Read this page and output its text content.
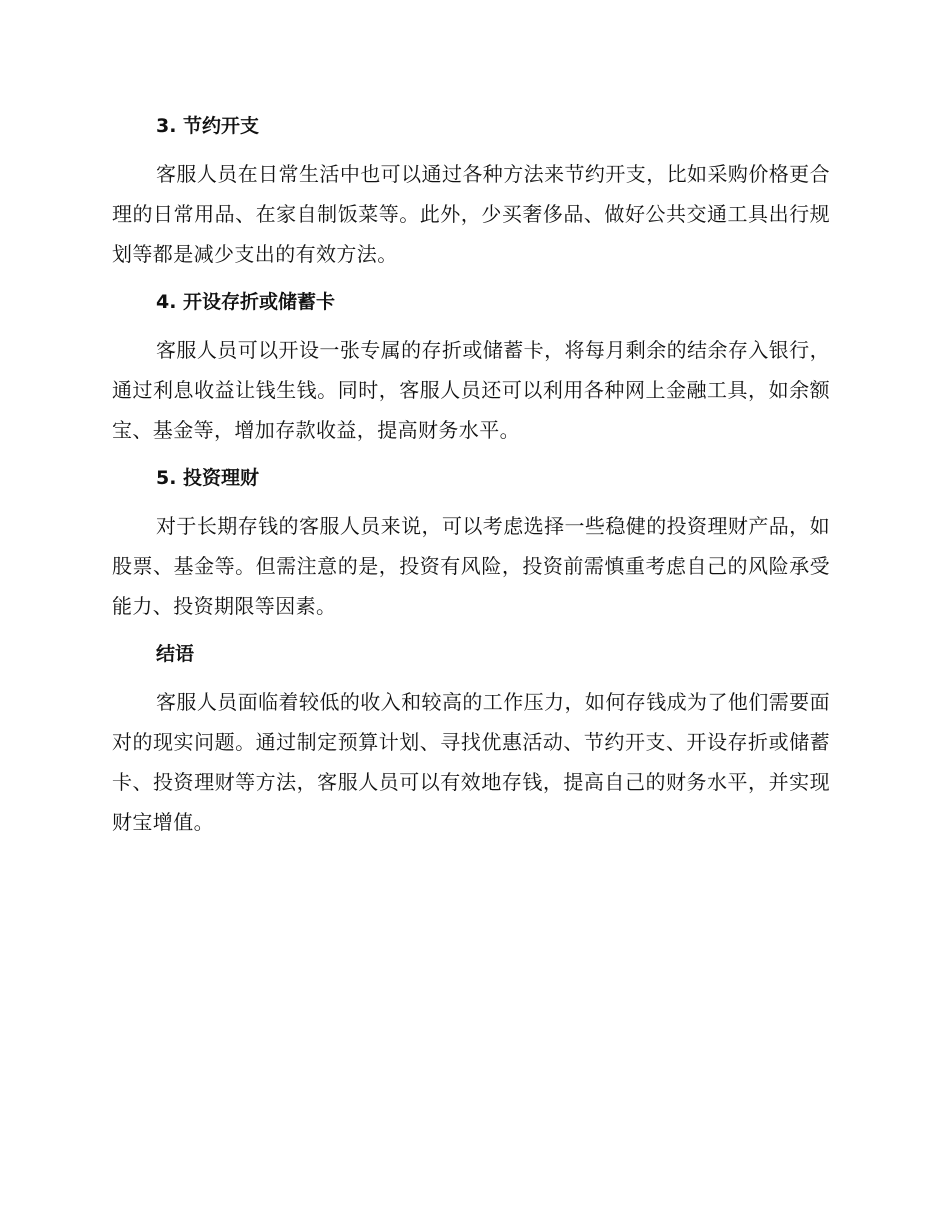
3. 节约开支

客服人员在日常生活中也可以通过各种方法来节约开支，比如采购价格更合理的日常用品、在家自制饭菜等。此外，少买奢侈品、做好公共交通工具出行规划等都是减少支出的有效方法。

4. 开设存折或储蓄卡

客服人员可以开设一张专属的存折或储蓄卡，将每月剩余的结余存入银行，通过利息收益让钱生钱。同时，客服人员还可以利用各种网上金融工具，如余额宝、基金等，增加存款收益，提高财务水平。

5. 投资理财

对于长期存钱的客服人员来说，可以考虑选择一些稳健的投资理财产品，如股票、基金等。但需注意的是，投资有风险，投资前需慎重考虑自己的风险承受能力、投资期限等因素。

结语

客服人员面临着较低的收入和较高的工作压力，如何存钱成为了他们需要面对的现实问题。通过制定预算计划、寻找优惠活动、节约开支、开设存折或储蓄卡、投资理财等方法，客服人员可以有效地存钱，提高自己的财务水平，并实现财宝增值。
